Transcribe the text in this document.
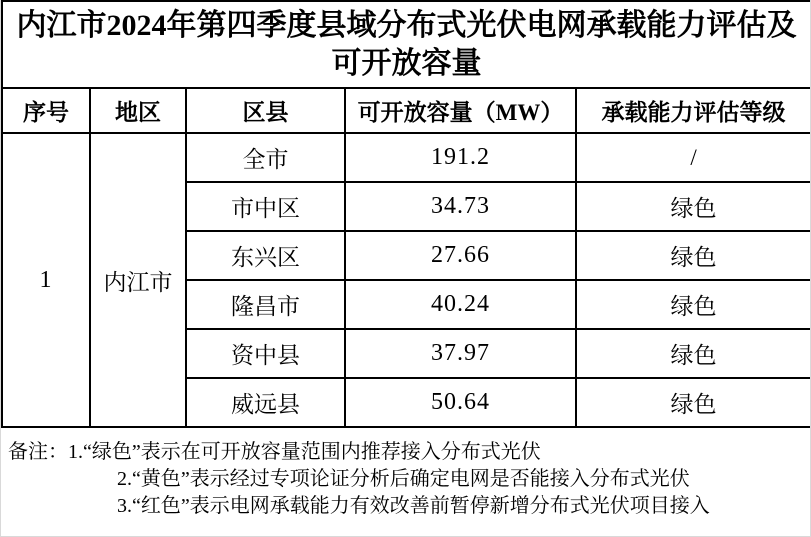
内江市2024年第四季度县域分布式光伏电网承载能力评估及
可开放容量				

序号	地区	区县	可开放容量（MW）	承载能力评估等级
1	内江市	全市	191.2	/
		市中区	34.73	绿色
		东兴区	27.66	绿色
		隆昌市	40.24	绿色
		资中县	37.97	绿色
		威远县	50.64	绿色
备注：1.“绿色”表示在可开放容量范围内推荐接入分布式光伏
2.“黄色”表示经过专项论证分析后确定电网是否能接入分布式光伏
3.“红色”表示电网承载能力有效改善前暂停新增分布式光伏项目接入
